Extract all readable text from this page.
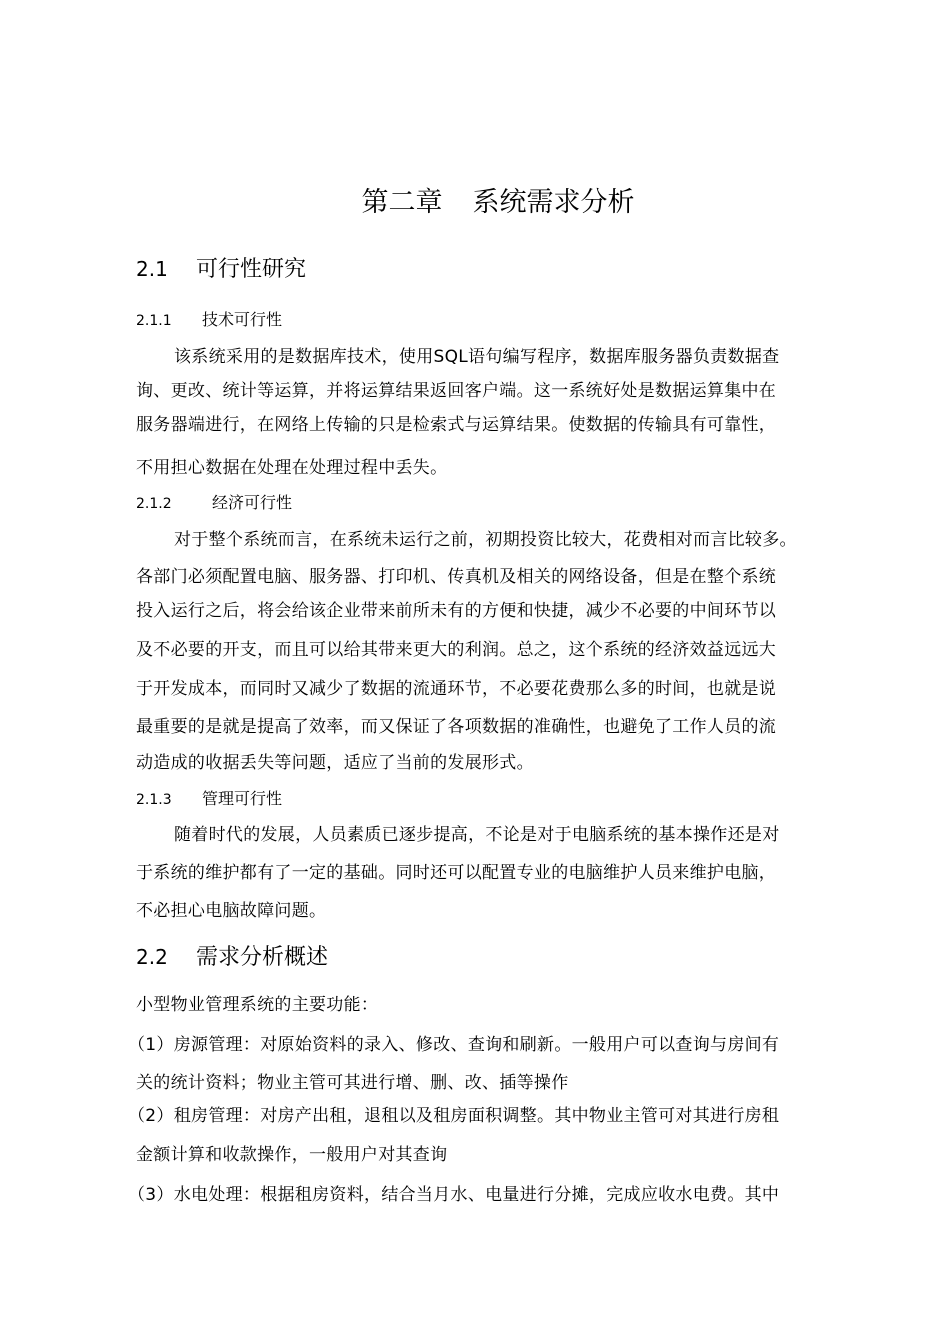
第二章 系统需求分析
2.1 可行性研究
2.1.1 技术可行性
该系统采用的是数据库技术，使用SQL语句编写程序，数据库服务器负责数据查
询、更改、统计等运算，并将运算结果返回客户端。这一系统好处是数据运算集中在
服务器端进行，在网络上传输的只是检索式与运算结果。使数据的传输具有可靠性，
不用担心数据在处理在处理过程中丢失。
2.1.2	经济可行性
对于整个系统而言，在系统未运行之前，初期投资比较大，花费相对而言比较多。
各部门必须配置电脑、服务器、打印机、传真机及相关的网络设备，但是在整个系统
投入运行之后，将会给该企业带来前所未有的方便和快捷，减少不必要的中间环节以
及不必要的开支，而且可以给其带来更大的利润。总之，这个系统的经济效益远远大
于开发成本，而同时又减少了数据的流通环节，不必要花费那么多的时间，也就是说
最重要的是就是提高了效率，而又保证了各项数据的准确性，也避免了工作人员的流
动造成的收据丢失等问题，适应了当前的发展形式。
2.1.3 管理可行性
随着时代的发展，人员素质已逐步提高，不论是对于电脑系统的基本操作还是对
于系统的维护都有了一定的基础。同时还可以配置专业的电脑维护人员来维护电脑，
不必担心电脑故障问题。
2.2 需求分析概述
小型物业管理系统的主要功能：
（1）房源管理：对原始资料的录入、修改、查询和刷新。一般用户可以查询与房间有
关的统计资料；物业主管可其进行增、删、改、插等操作
（2）租房管理：对房产出租，退租以及租房面积调整。其中物业主管可对其进行房租
金额计算和收款操作，一般用户对其查询
（3）水电处理：根据租房资料，结合当月水、电量进行分摊，完成应收水电费。其中
